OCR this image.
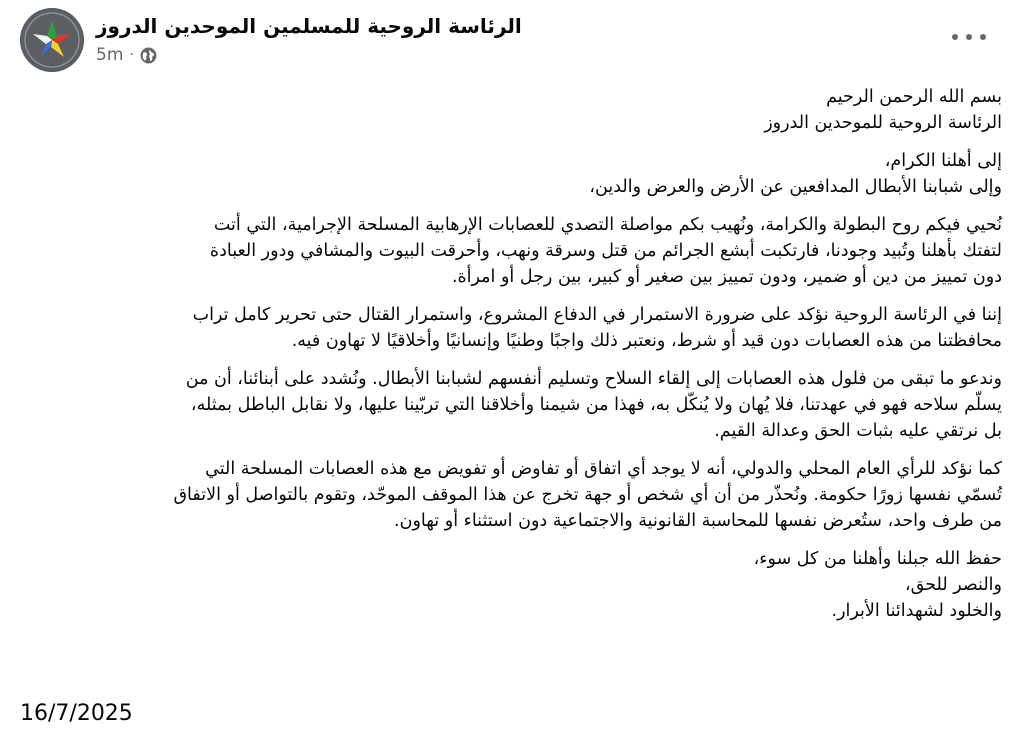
الرئاسة الروحية للمسلمين الموحدين الدروز
5m ·

بسم الله الرحمن الرحيم
الرئاسة الروحية للموحدين الدروز

إلى أهلنا الكرام،
وإلى شبابنا الأبطال المدافعين عن الأرض والعرض والدين،

نُحيي فيكم روح البطولة والكرامة، ونُهيب بكم مواصلة التصدي للعصابات الإرهابية المسلحة الإجرامية، التي أتت
لتفتك بأهلنا وتُبيد وجودنا، فارتكبت أبشع الجرائم من قتل وسرقة ونهب، وأحرقت البيوت والمشافي ودور العبادة
دون تمييز من دين أو ضمير، ودون تمييز بين صغير أو كبير، بين رجل أو امرأة.

إننا في الرئاسة الروحية نؤكد على ضرورة الاستمرار في الدفاع المشروع، واستمرار القتال حتى تحرير كامل تراب
محافظتنا من هذه العصابات دون قيد أو شرط، ونعتبر ذلك واجبًا وطنيًا وإنسانيًا وأخلاقيًا لا تهاون فيه.

وندعو ما تبقى من فلول هذه العصابات إلى إلقاء السلاح وتسليم أنفسهم لشبابنا الأبطال. ونُشدد على أبنائنا، أن من
يسلّم سلاحه فهو في عهدتنا، فلا يُهان ولا يُنكّل به، فهذا من شيمنا وأخلاقنا التي تربّينا عليها، ولا نقابل الباطل بمثله،
بل نرتقي عليه بثبات الحق وعدالة القيم.

كما نؤكد للرأي العام المحلي والدولي، أنه لا يوجد أي اتفاق أو تفاوض أو تفويض مع هذه العصابات المسلحة التي
تُسمّي نفسها زورًا حكومة. ونُحذّر من أن أي شخص أو جهة تخرج عن هذا الموقف الموحّد، وتقوم بالتواصل أو الاتفاق
من طرف واحد، ستُعرض نفسها للمحاسبة القانونية والاجتماعية دون استثناء أو تهاون.

حفظ الله جبلنا وأهلنا من كل سوء،
والنصر للحق،
والخلود لشهدائنا الأبرار.

16/7/2025
